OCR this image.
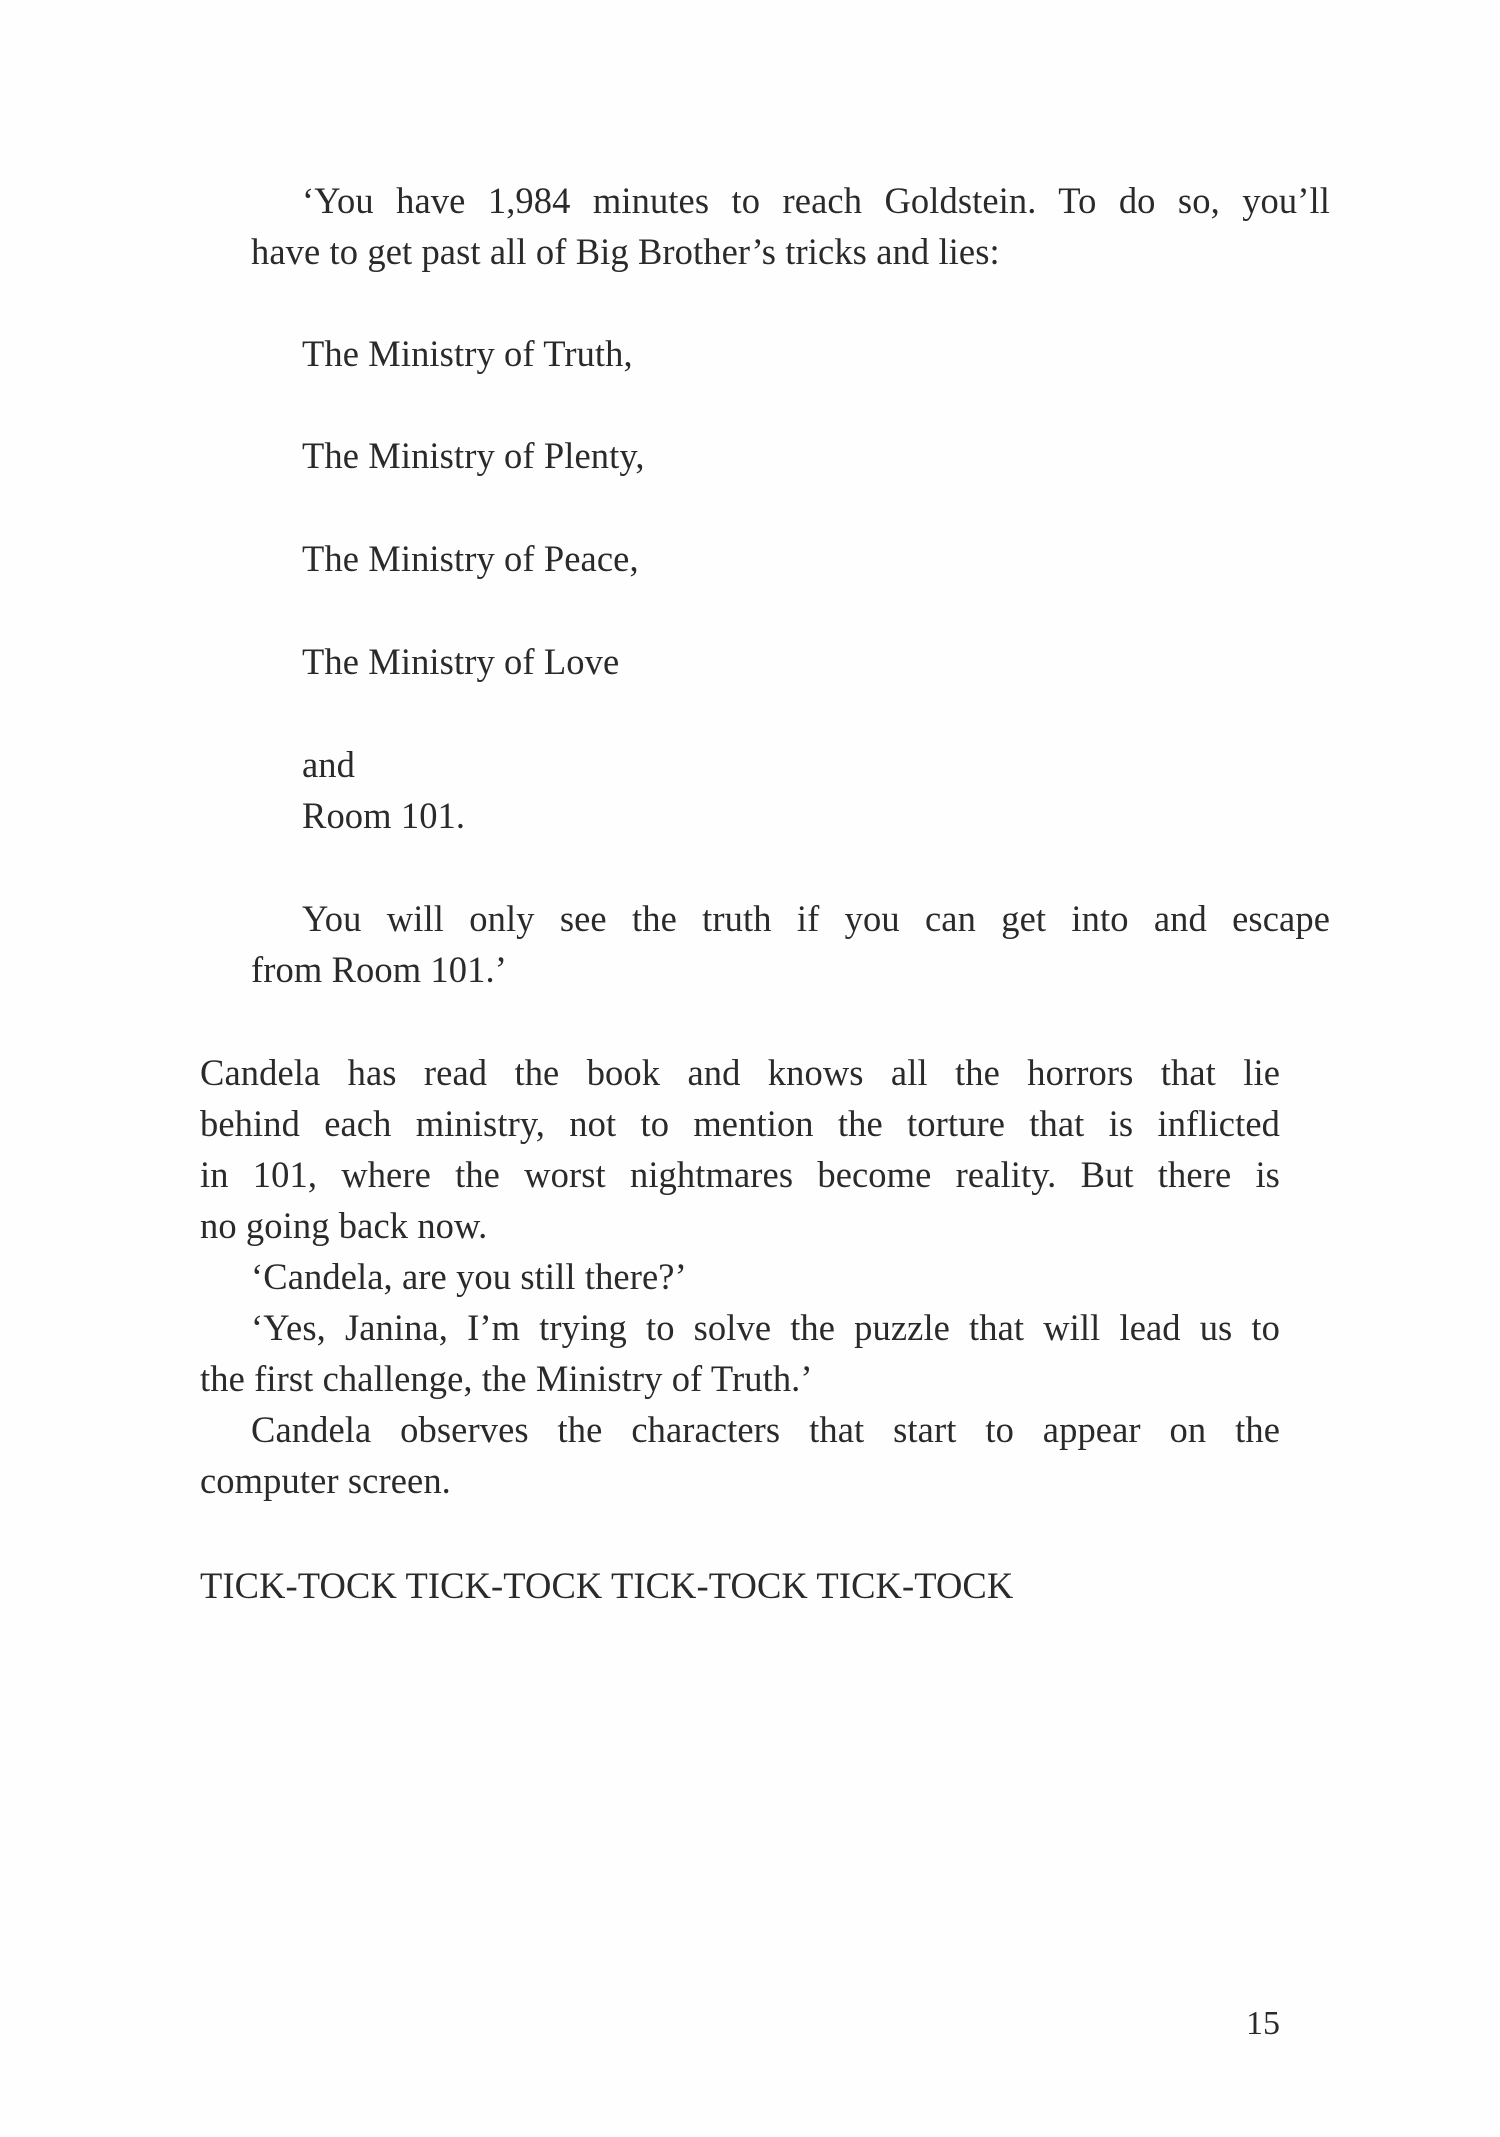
‘You have 1,984 minutes to reach Goldstein. To do so, you’ll
have to get past all of Big Brother’s tricks and lies:
The Ministry of Truth,
The Ministry of Plenty,
The Ministry of Peace,
The Ministry of Love
and
Room 101.
You will only see the truth if you can get into and escape
from Room 101.’
Candela has read the book and knows all the horrors that lie
behind each ministry, not to mention the torture that is inflicted
in 101, where the worst nightmares become reality. But there is
no going back now.
‘Candela, are you still there?’
‘Yes, Janina, I’m trying to solve the puzzle that will lead us to
the first challenge, the Ministry of Truth.’
Candela observes the characters that start to appear on the
computer screen.
TICK-TOCK TICK-TOCK TICK-TOCK TICK-TOCK
15
